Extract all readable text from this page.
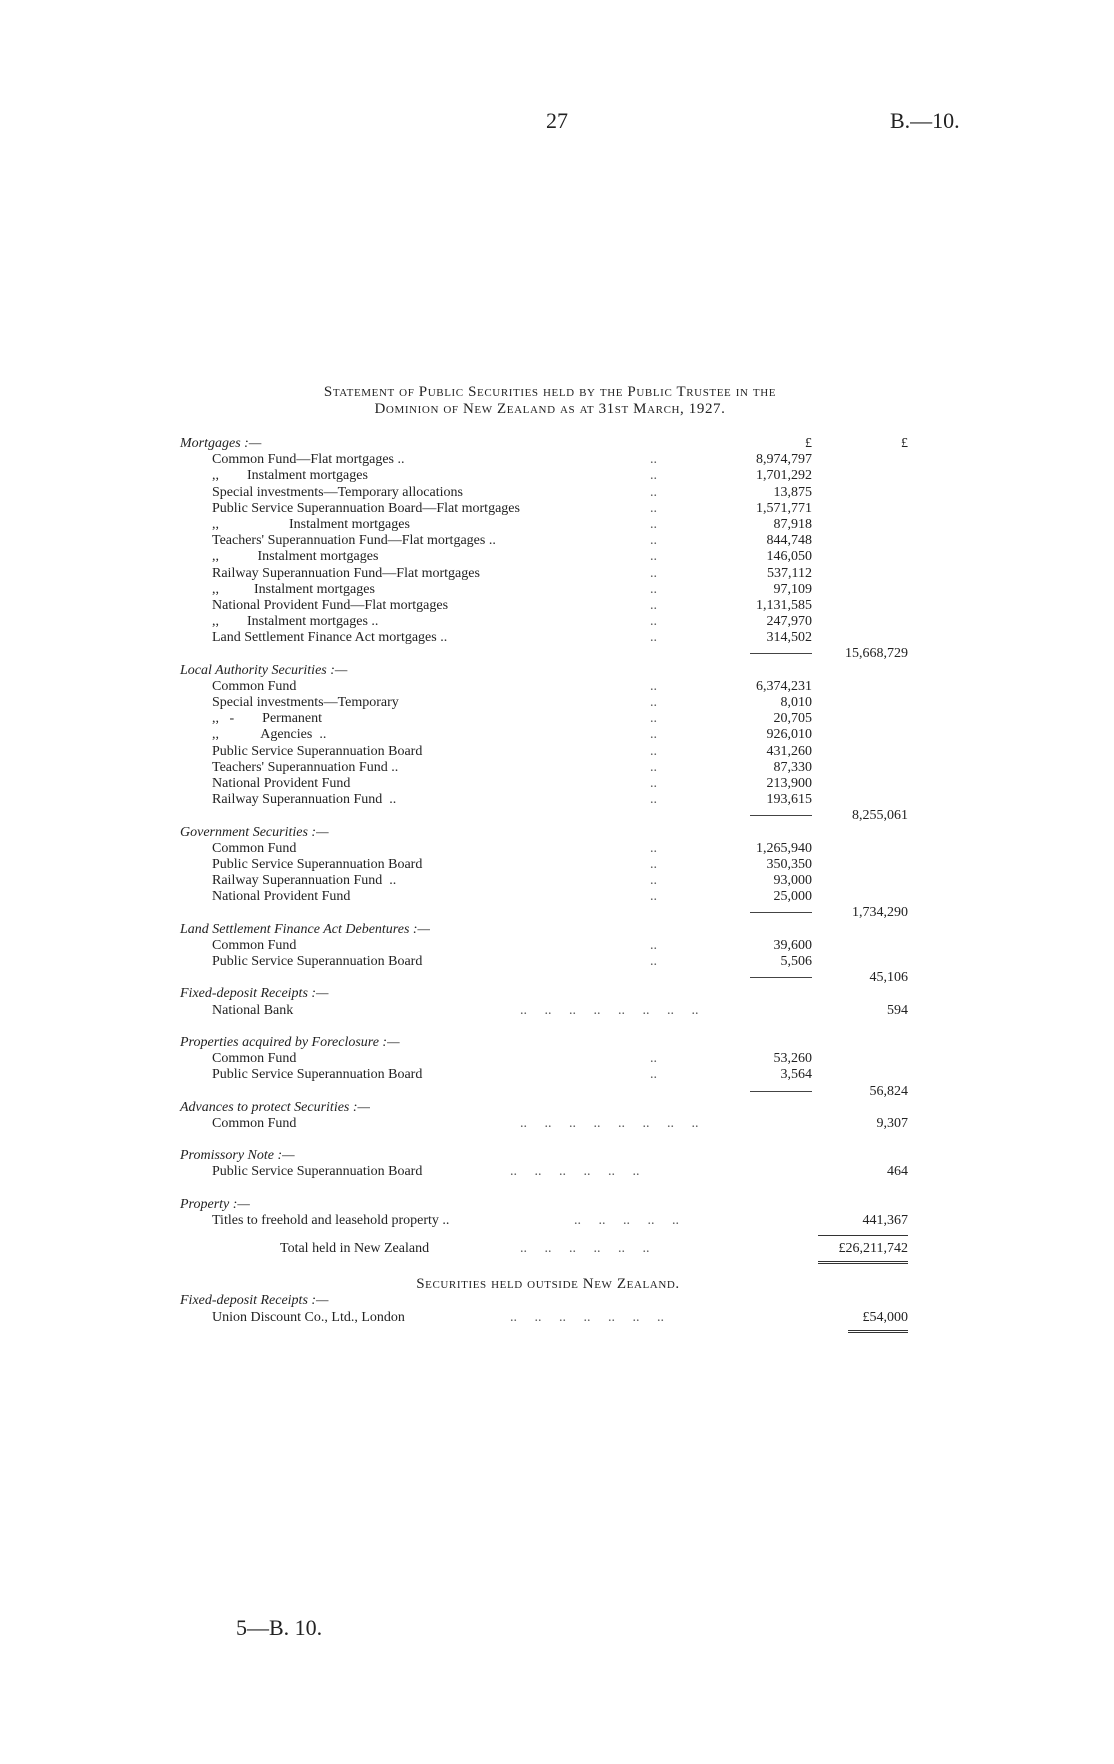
27	B.—10.
Statement of Public Securities held by the Public Trustee in the
Dominion of New Zealand as at 31st March, 1927.
Mortgages :—	£	£
Common Fund—Flat mortgages ..	..	8,974,797
,,        Instalment mortgages	..	1,701,292
Special investments—Temporary allocations	..	13,875
Public Service Superannuation Board—Flat mortgages	..	1,571,771
,,                    Instalment mortgages	..	87,918
Teachers' Superannuation Fund—Flat mortgages ..	..	844,748
,,           Instalment mortgages	..	146,050
Railway Superannuation Fund—Flat mortgages	..	537,112
,,          Instalment mortgages	..	97,109
National Provident Fund—Flat mortgages	..	1,131,585
,,        Instalment mortgages ..	..	247,970
Land Settlement Finance Act mortgages ..	..	314,502
15,668,729
Local Authority Securities :—
Common Fund	..	6,374,231
Special investments—Temporary	..	8,010
,,   -        Permanent	..	20,705
,,            Agencies  ..	..	926,010
Public Service Superannuation Board	..	431,260
Teachers' Superannuation Fund ..	..	87,330
National Provident Fund	..	213,900
Railway Superannuation Fund  ..	..	193,615
8,255,061
Government Securities :—
Common Fund	..	1,265,940
Public Service Superannuation Board	..	350,350
Railway Superannuation Fund  ..	..	93,000
National Provident Fund	..	25,000
1,734,290
Land Settlement Finance Act Debentures :—
Common Fund	..	39,600
Public Service Superannuation Board	..	5,506
45,106
Fixed-deposit Receipts :—
National Bank	..     ..     ..     ..     ..     ..     ..     ..	594
Properties acquired by Foreclosure :—
Common Fund	..	53,260
Public Service Superannuation Board	..	3,564
56,824
Advances to protect Securities :—
Common Fund	..     ..     ..     ..     ..     ..     ..     ..	9,307
Promissory Note :—
Public Service Superannuation Board	..     ..     ..     ..     ..     ..	464
Property :—
Titles to freehold and leasehold property ..	..     ..     ..     ..     ..	441,367
Total held in New Zealand	..     ..     ..     ..     ..     ..	£26,211,742
Securities held outside New Zealand.
Fixed-deposit Receipts :—
Union Discount Co., Ltd., London	..     ..     ..     ..     ..     ..     ..	£54,000
5—B. 10.
